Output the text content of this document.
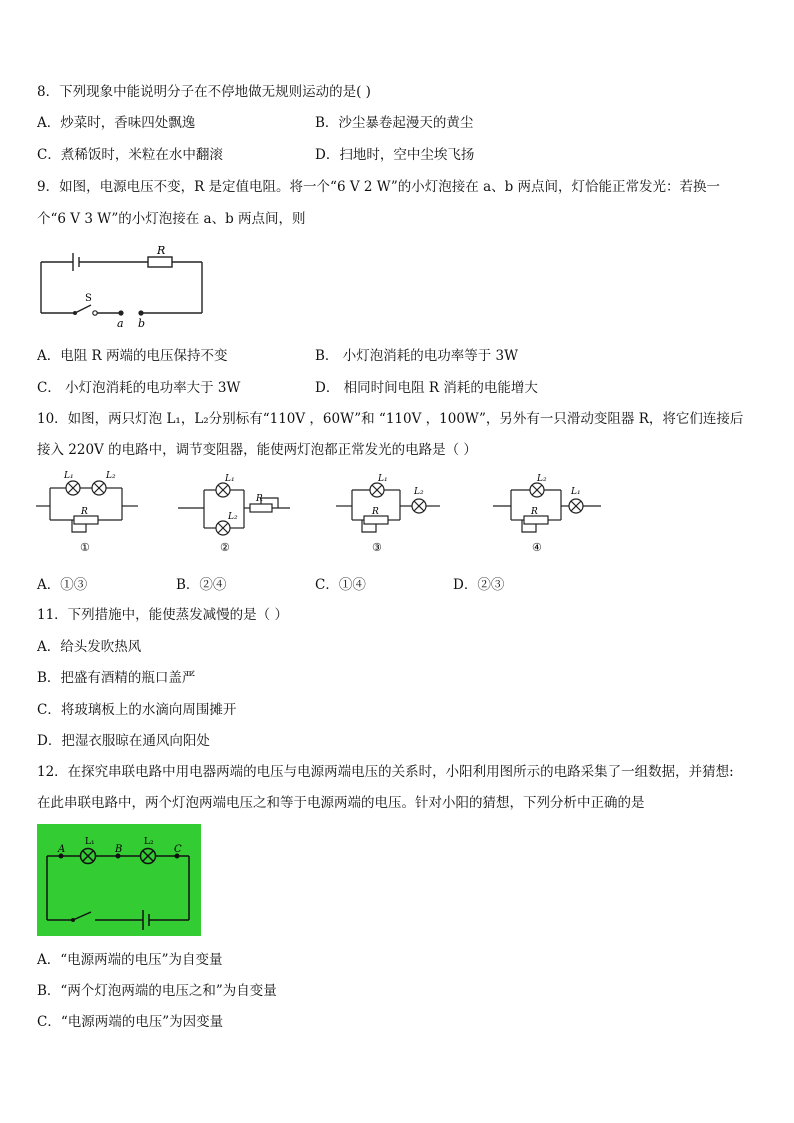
8．下列现象中能说明分子在不停地做无规则运动的是( )
A．炒菜时，香味四处飘逸	B．沙尘暴卷起漫天的黄尘
C．煮稀饭时，米粒在水中翻滚	D．扫地时，空中尘埃飞扬
9．如图，电源电压不变，R 是定值电阻。将一个“6 V 2 W”的小灯泡接在 a、b 两点间，灯恰能正常发光：若换一
个“6 V 3 W”的小灯泡接在 a、b 两点间，则
R
S
a b
A．电阻 R 两端的电压保持不变	B． 小灯泡消耗的电功率等于 3W
C． 小灯泡消耗的电功率大于 3W	D． 相同时间电阻 R 消耗的电能增大
10．如图，两只灯泡 L₁，L₂分别标有“110V ，60W”和 “110V ，100W”，另外有一只滑动变阻器 R，将它们连接后
接入 220V 的电路中，调节变阻器，能使两灯泡都正常发光的电路是（ ）
L₁	L₂
R
①
L₁
L₂
R
②
L₁
L₂
R
③
L₂
L₁
R
④
A．①③	B．②④	C．①④	D．②③
11．下列措施中，能使蒸发减慢的是（ ）
A．给头发吹热风
B．把盛有酒精的瓶口盖严
C．将玻璃板上的水滴向周围摊开
D．把湿衣服晾在通风向阳处
12．在探究串联电路中用电器两端的电压与电源两端电压的关系时，小阳利用图所示的电路采集了一组数据，并猜想:
在此串联电路中，两个灯泡两端电压之和等于电源两端的电压。针对小阳的猜想，下列分析中正确的是
A	B	C
L₁	L₂
A．“电源两端的电压”为自变量
B．“两个灯泡两端的电压之和”为自变量
C．“电源两端的电压”为因变量
